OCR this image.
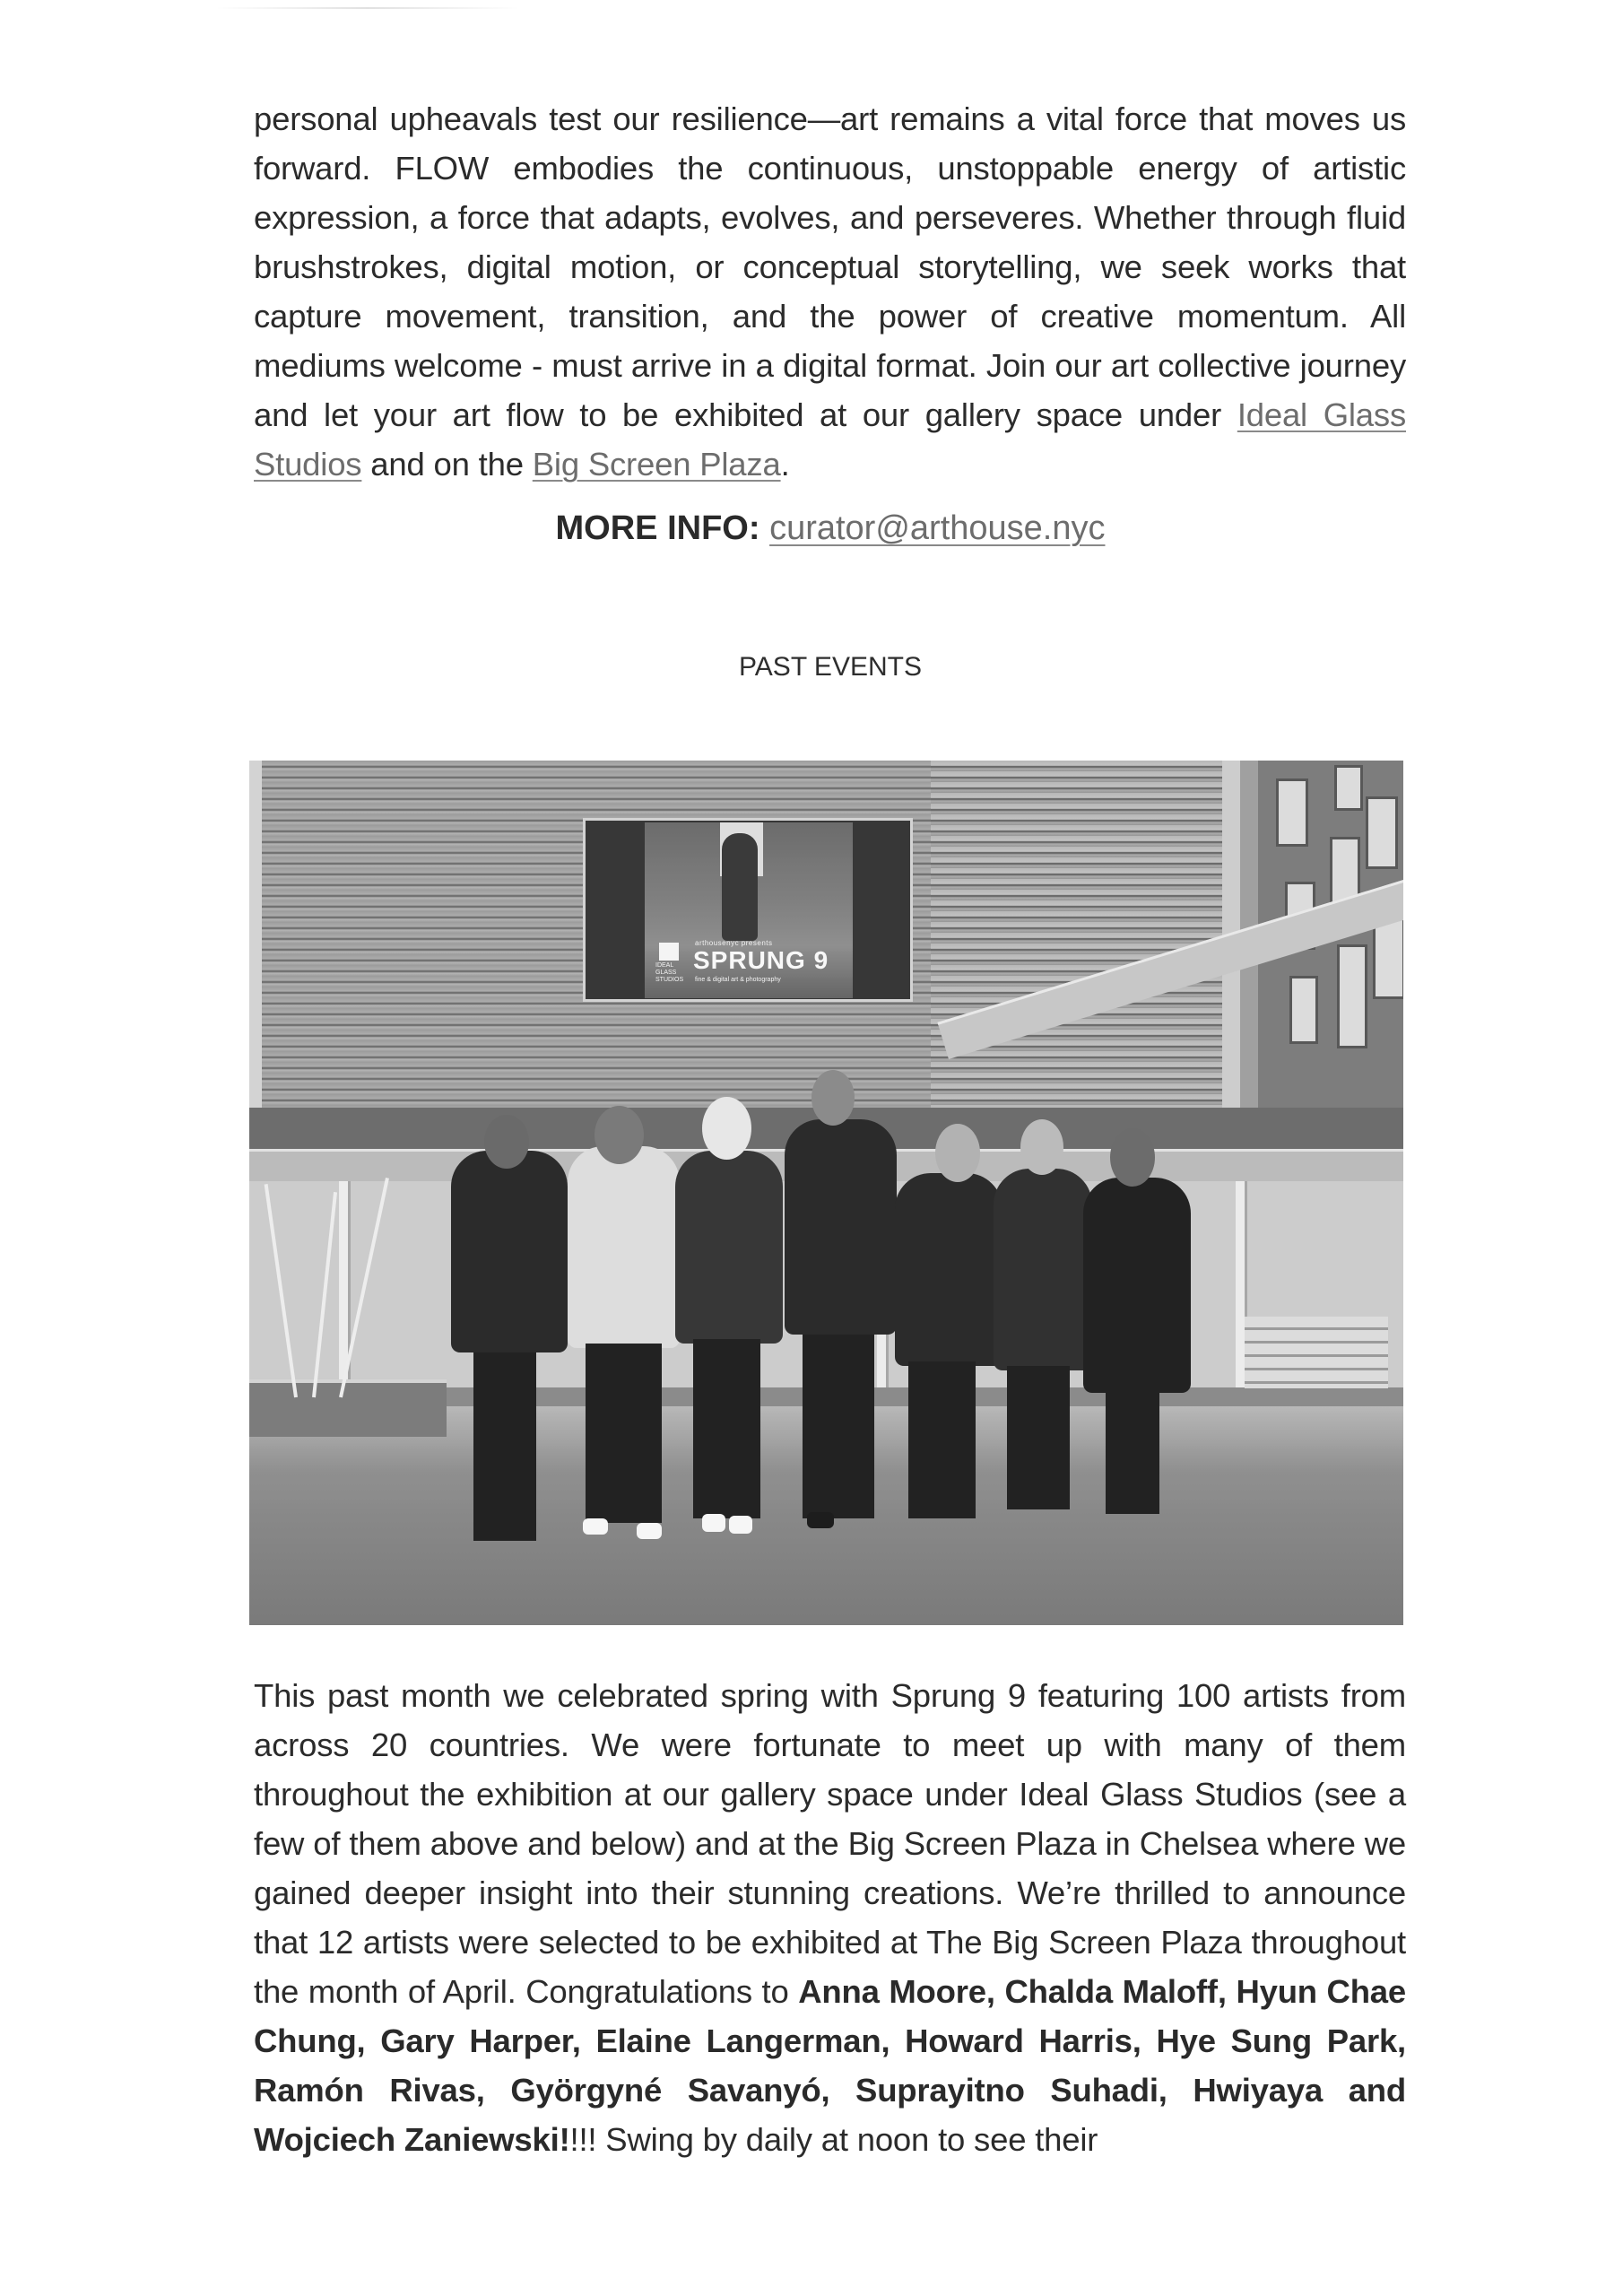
personal upheavals test our resilience—art remains a vital force that moves us forward. FLOW embodies the continuous, unstoppable energy of artistic expression, a force that adapts, evolves, and perseveres. Whether through fluid brushstrokes, digital motion, or conceptual storytelling, we seek works that capture movement, transition, and the power of creative momentum. All mediums welcome - must arrive in a digital format. Join our art collective journey and let your art flow to be exhibited at our gallery space under Ideal Glass Studios and on the Big Screen Plaza.

MORE INFO: curator@arthouse.nyc
PAST EVENTS
IDEAL
GLASS
STUDIOS
arthousenyc presents
SPRUNG 9
fine & digital art & photography

This past month we celebrated spring with Sprung 9 featuring 100 artists from across 20 countries. We were fortunate to meet up with many of them throughout the exhibition at our gallery space under Ideal Glass Studios (see a few of them above and below) and at the Big Screen Plaza in Chelsea where we gained deeper insight into their stunning creations. We’re thrilled to announce that 12 artists were selected to be exhibited at The Big Screen Plaza throughout the month of April. Congratulations to Anna Moore, Chalda Maloff, Hyun Chae Chung, Gary Harper, Elaine Langerman, Howard Harris, Hye Sung Park, Ramón Rivas, Györgyné Savanyó, Suprayitno Suhadi, Hwiyaya and Wojciech Zaniewski!!!! Swing by daily at noon to see their
